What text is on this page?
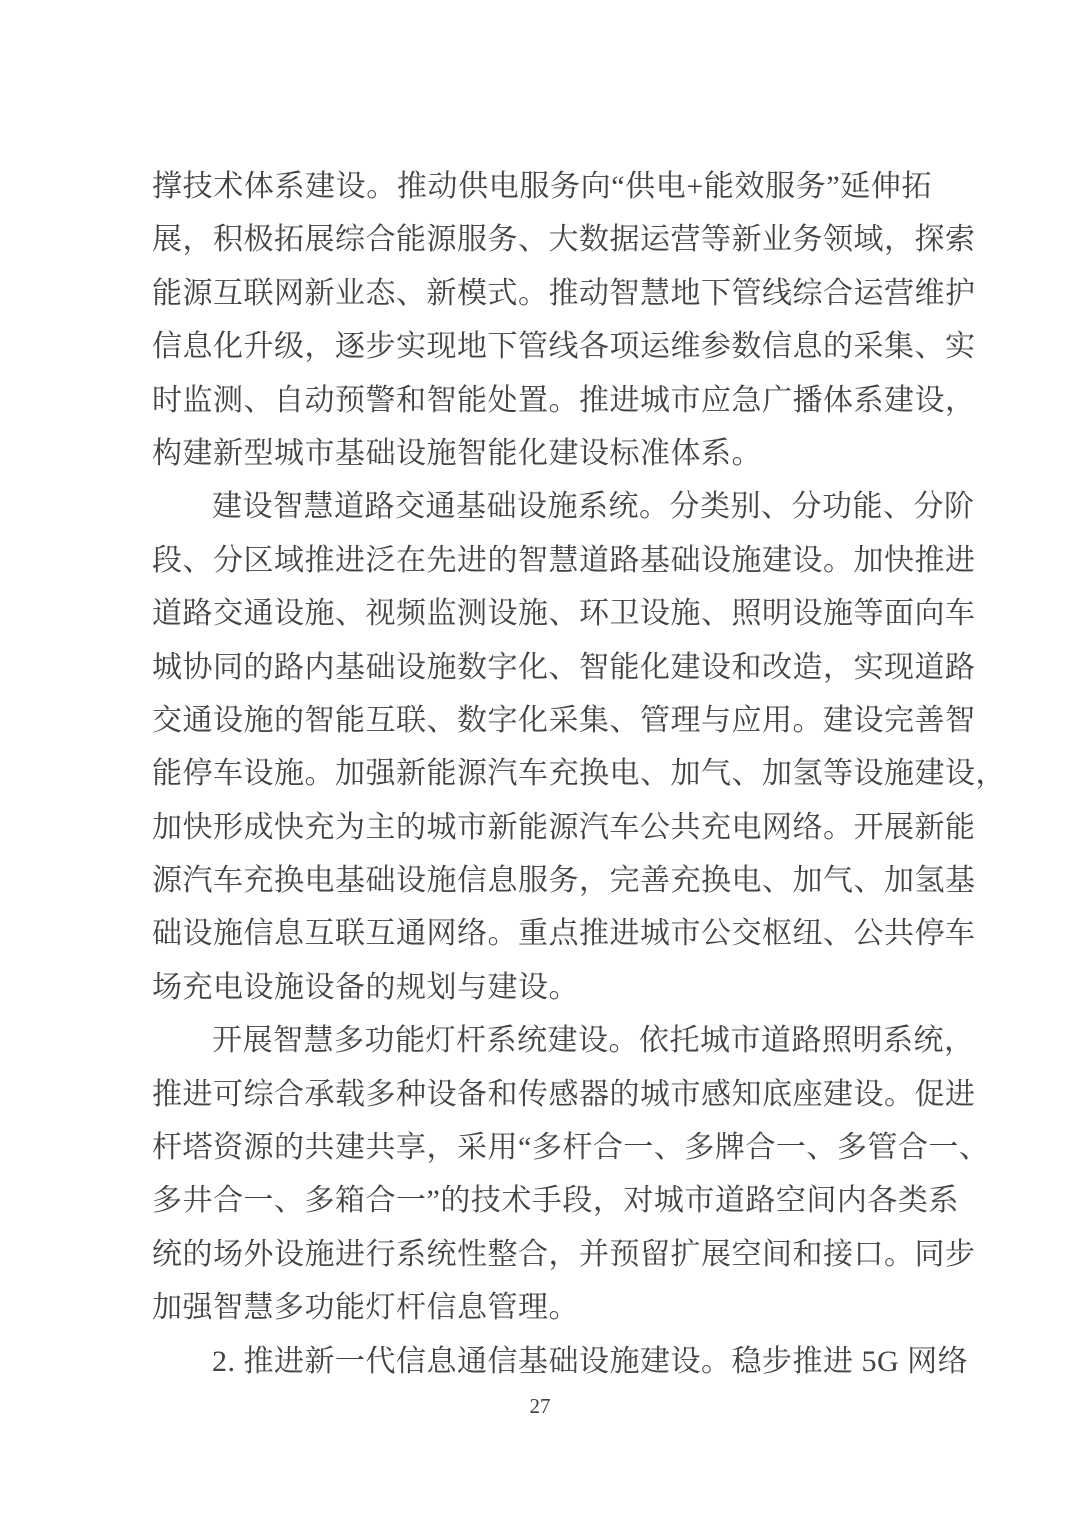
撑技术体系建设。推动供电服务向“供电+能效服务”延伸拓
展，积极拓展综合能源服务、大数据运营等新业务领域，探索
能源互联网新业态、新模式。推动智慧地下管线综合运营维护
信息化升级，逐步实现地下管线各项运维参数信息的采集、实
时监测、自动预警和智能处置。推进城市应急广播体系建设，
构建新型城市基础设施智能化建设标准体系。
建设智慧道路交通基础设施系统。分类别、分功能、分阶
段、分区域推进泛在先进的智慧道路基础设施建设。加快推进
道路交通设施、视频监测设施、环卫设施、照明设施等面向车
城协同的路内基础设施数字化、智能化建设和改造，实现道路
交通设施的智能互联、数字化采集、管理与应用。建设完善智
能停车设施。加强新能源汽车充换电、加气、加氢等设施建设，
加快形成快充为主的城市新能源汽车公共充电网络。开展新能
源汽车充换电基础设施信息服务，完善充换电、加气、加氢基
础设施信息互联互通网络。重点推进城市公交枢纽、公共停车
场充电设施设备的规划与建设。
开展智慧多功能灯杆系统建设。依托城市道路照明系统，
推进可综合承载多种设备和传感器的城市感知底座建设。促进
杆塔资源的共建共享，采用“多杆合一、多牌合一、多管合一、
多井合一、多箱合一”的技术手段，对城市道路空间内各类系
统的场外设施进行系统性整合，并预留扩展空间和接口。同步
加强智慧多功能灯杆信息管理。
2. 推进新一代信息通信基础设施建设。稳步推进 5G 网络
27
